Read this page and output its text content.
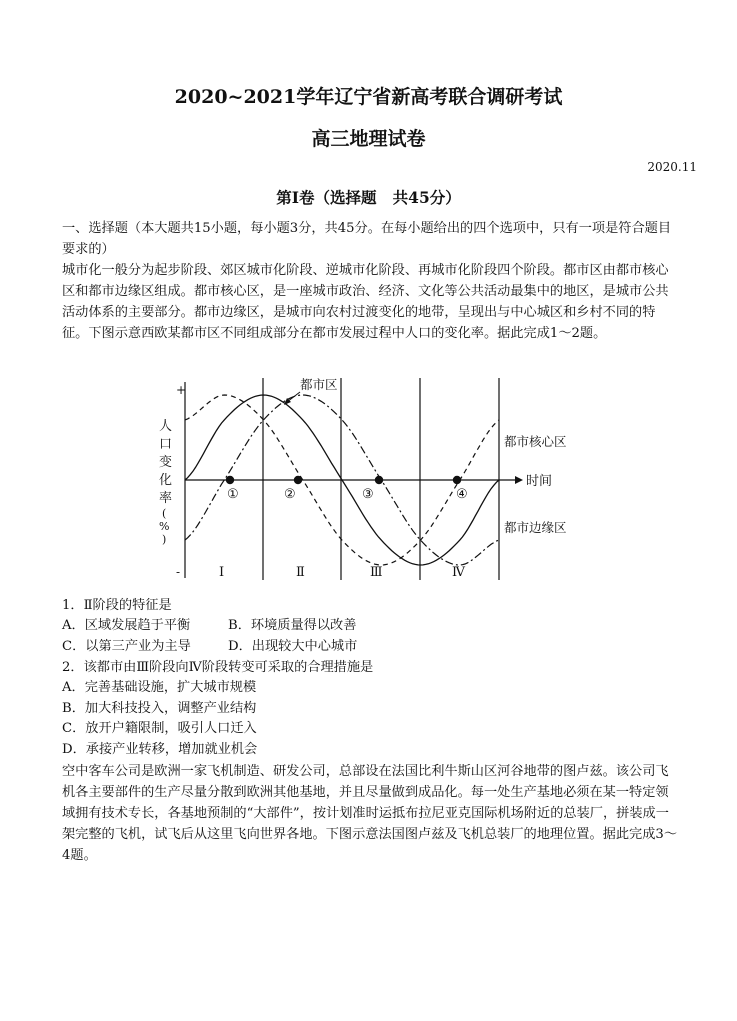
2020~2021学年辽宁省新高考联合调研考试
高三地理试卷
2020.11
第Ⅰ卷（选择题   共45分）
一、选择题（本大题共15小题，每小题3分，共45分。在每小题给出的四个选项中，只有一项是符合题目要求的）
城市化一般分为起步阶段、郊区城市化阶段、逆城市化阶段、再城市化阶段四个阶段。都市区由都市核心区和都市边缘区组成。都市核心区，是一座城市政治、经济、文化等公共活动最集中的地区，是城市公共活动体系的主要部分。都市边缘区，是城市向农村过渡变化的地带，呈现出与中心城区和乡村不同的特征。下图示意西欧某都市区不同组成部分在都市发展过程中人口的变化率。据此完成1～2题。
+
-
时间
人
口
变
化
率
(
%
)
Ⅰ	Ⅱ	Ⅲ	Ⅳ
①	②	③	④
都市区
都市核心区
都市边缘区
1．Ⅱ阶段的特征是
A．区域发展趋于平衡	B．环境质量得以改善
C．以第三产业为主导	D．出现较大中心城市
2．该都市由Ⅲ阶段向Ⅳ阶段转变可采取的合理措施是
A．完善基础设施，扩大城市规模
B．加大科技投入，调整产业结构
C．放开户籍限制，吸引人口迁入
D．承接产业转移，增加就业机会
空中客车公司是欧洲一家飞机制造、研发公司，总部设在法国比利牛斯山区河谷地带的图卢兹。该公司飞机各主要部件的生产尽量分散到欧洲其他基地，并且尽量做到成品化。每一处生产基地必须在某一特定领域拥有技术专长，各基地预制的“大部件”，按计划准时运抵布拉尼亚克国际机场附近的总装厂，拼装成一架完整的飞机，试飞后从这里飞向世界各地。下图示意法国图卢兹及飞机总装厂的地理位置。据此完成3～4题。
